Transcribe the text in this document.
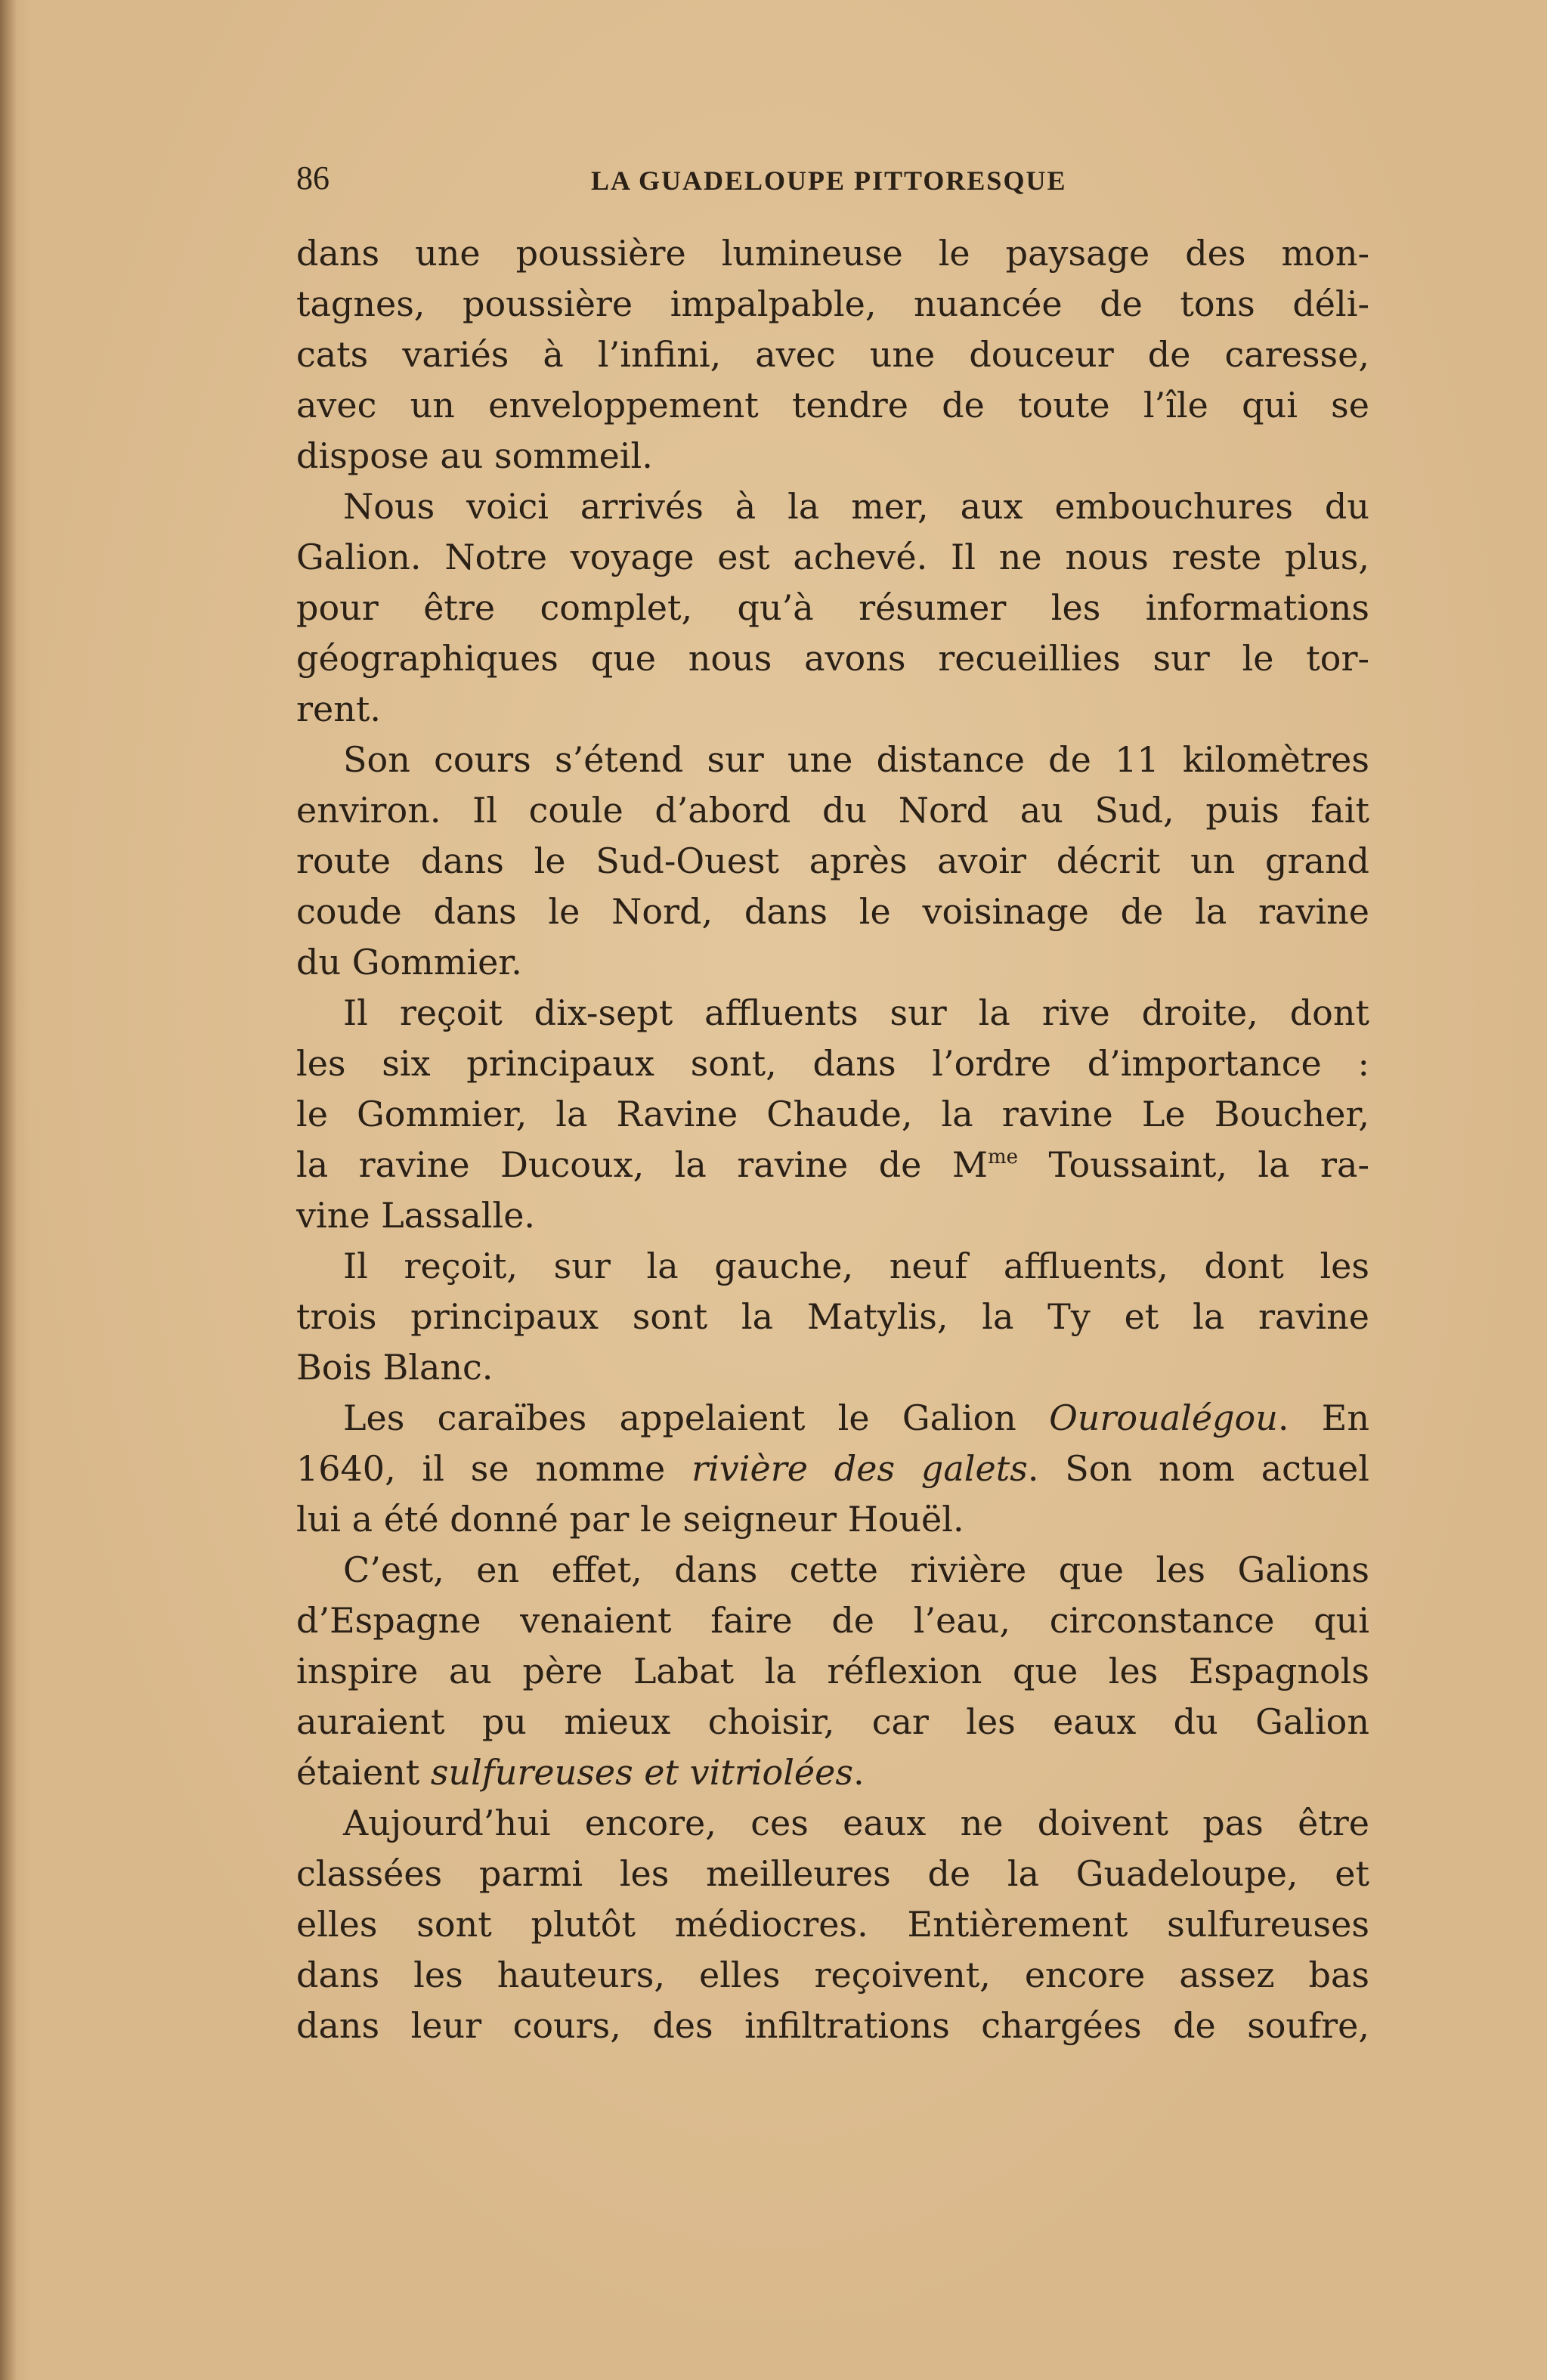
86	LA GUADELOUPE PITTORESQUE
dans une poussière lumineuse le paysage des mon-
tagnes, poussière impalpable, nuancée de tons déli-
cats variés à l’infini, avec une douceur de caresse,
avec un enveloppement tendre de toute l’île qui se
dispose au sommeil.
Nous voici arrivés à la mer, aux embouchures du
Galion. Notre voyage est achevé. Il ne nous reste plus,
pour être complet, qu’à résumer les informations
géographiques que nous avons recueillies sur le tor-
rent.
Son cours s’étend sur une distance de 11 kilomètres
environ. Il coule d’abord du Nord au Sud, puis fait
route dans le Sud-Ouest après avoir décrit un grand
coude dans le Nord, dans le voisinage de la ravine
du Gommier.
Il reçoit dix-sept affluents sur la rive droite, dont
les six principaux sont, dans l’ordre d’importance :
le Gommier, la Ravine Chaude, la ravine Le Boucher,
la ravine Ducoux, la ravine de $M^{me}$ Toussaint, la ra-
vine Lassalle.
Il reçoit, sur la gauche, neuf affluents, dont les
trois principaux sont la Matylis, la Ty et la ravine
Bois Blanc.
Les caraïbes appelaient le Galion Ouroualégou. En
1640, il se nomme rivière des galets. Son nom actuel
lui a été donné par le seigneur Houël.
C’est, en effet, dans cette rivière que les Galions
d’Espagne venaient faire de l’eau, circonstance qui
inspire au père Labat la réflexion que les Espagnols
auraient pu mieux choisir, car les eaux du Galion
étaient sulfureuses et vitriolées.
Aujourd’hui encore, ces eaux ne doivent pas être
classées parmi les meilleures de la Guadeloupe, et
elles sont plutôt médiocres. Entièrement sulfureuses
dans les hauteurs, elles reçoivent, encore assez bas
dans leur cours, des infiltrations chargées de soufre,
